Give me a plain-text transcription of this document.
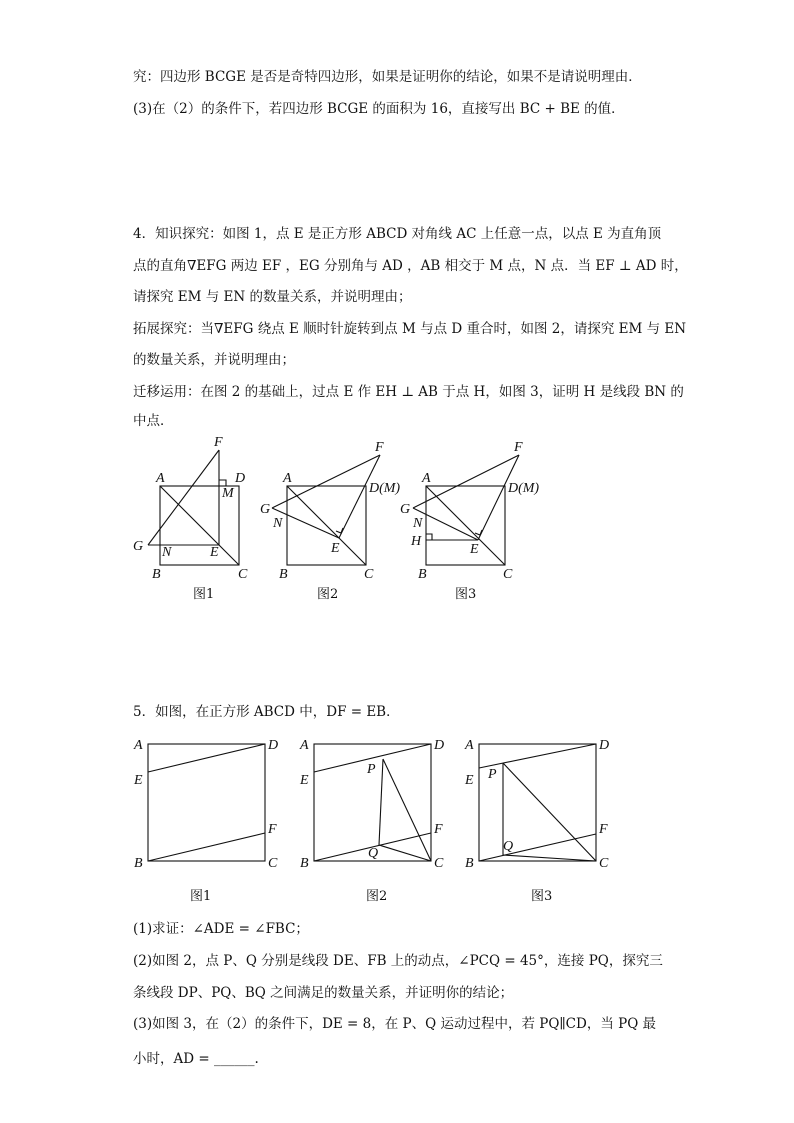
究：四边形 BCGE 是否是奇特四边形，如果是证明你的结论，如果不是请说明理由．
(3)在（2）的条件下，若四边形 BCGE 的面积为 16，直接写出 BC + BE 的值．
4．知识探究：如图 1，点 E 是正方形 ABCD 对角线 AC 上任意一点，以点 E 为直角顶
点的直角∇EFG 两边 EF ，EG 分别角与 AD ，AB 相交于 M 点，N 点．当 EF ⊥ AD 时，
请探究 EM 与 EN 的数量关系，并说明理由；
拓展探究：当∇EFG 绕点 E 顺时针旋转到点 M 与点 D 重合时，如图 2，请探究 EM 与 EN
的数量关系，并说明理由；
迁移运用：在图 2 的基础上，过点 E 作 EH ⊥ AB 于点 H，如图 3，证明 H 是线段 BN 的
中点．
F
A	D
M
G N	E
B	C
F
A
D(M)
G
N
E
B	C
F
A
D(M)
G
N
H
E
B	C
图1	图2	图3
5．如图，在正方形 ABCD 中，DF = EB．
A	D
E
F
B	C
A	D
P
E
F
Q
B	C
A	D
P
E
F
Q
B	C
图1	图2	图3
(1)求证：∠ADE = ∠FBC；
(2)如图 2，点 P、Q 分别是线段 DE、FB 上的动点，∠PCQ = 45°，连接 PQ，探究三
条线段 DP、PQ、BQ 之间满足的数量关系，并证明你的结论；
(3)如图 3，在（2）的条件下，DE = 8，在 P、Q 运动过程中，若 PQ∥CD，当 PQ 最
小时，AD = ______.
